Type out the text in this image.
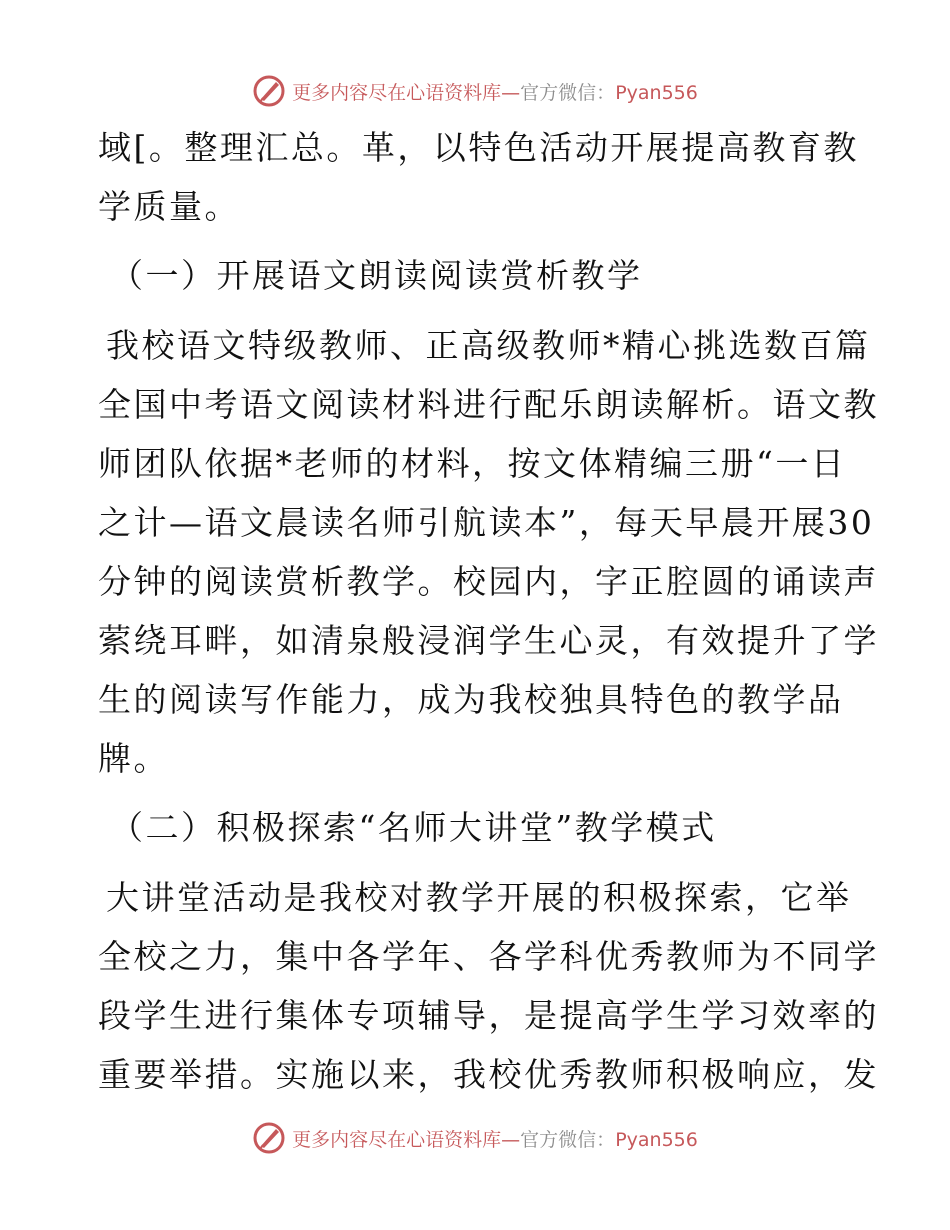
更多内容尽在心语资料库—官方微信：Pyan556
域[。整理汇总。革，以特色活动开展提高教育教
学质量。
（一）开展语文朗读阅读赏析教学
我校语文特级教师、正高级教师*精心挑选数百篇
全国中考语文阅读材料进行配乐朗读解析。语文教
师团队依据*老师的材料，按文体精编三册“一日
之计—语文晨读名师引航读本”，每天早晨开展30
分钟的阅读赏析教学。校园内，字正腔圆的诵读声
萦绕耳畔，如清泉般浸润学生心灵，有效提升了学
生的阅读写作能力，成为我校独具特色的教学品
牌。
（二）积极探索“名师大讲堂”教学模式
大讲堂活动是我校对教学开展的积极探索，它举
全校之力，集中各学年、各学科优秀教师为不同学
段学生进行集体专项辅导，是提高学生学习效率的
重要举措。实施以来，我校优秀教师积极响应，发
更多内容尽在心语资料库—官方微信：Pyan556
